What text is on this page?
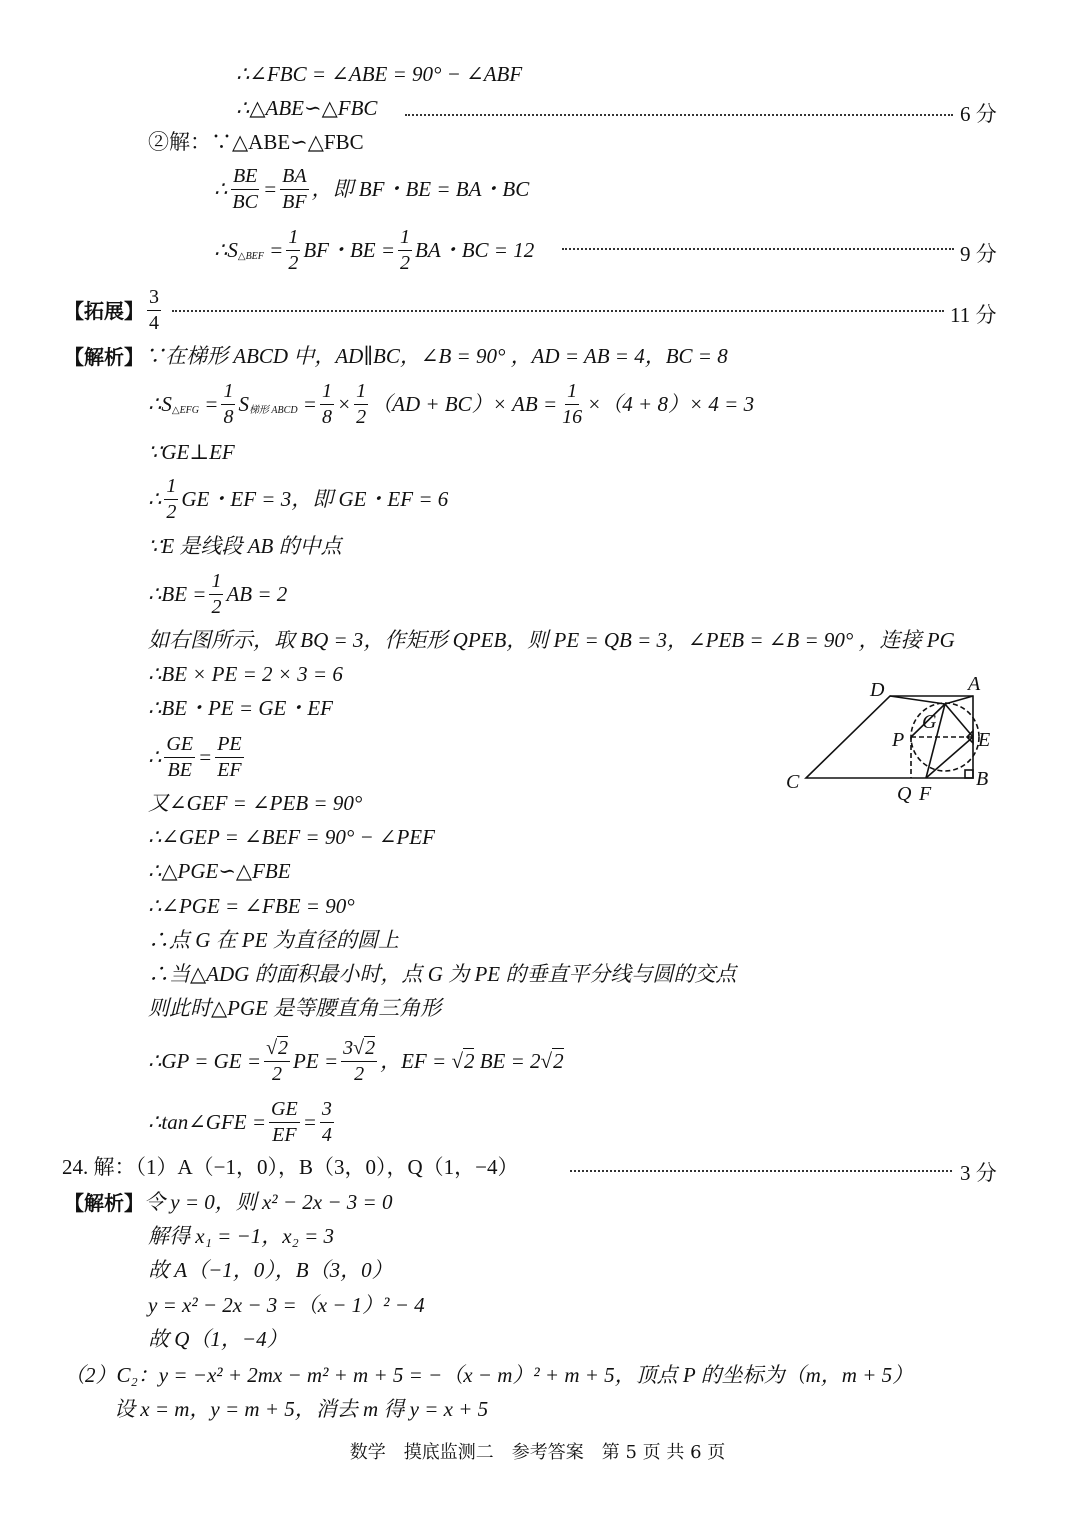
∴∠FBC = ∠ABE = 90° − ∠ABF
∴△ABE∽△FBC	6 分
②解：∵△ABE∽△FBC
∴ $\frac{BE}{BC} = \frac{BA}{BF}$ ，即 BF・BE = BA・BC
∴ S △BEF = $\frac{1}{2}$ BF・BE = $\frac{1}{2}$ BA・BC = 12	9 分
【拓展】 $\frac{3}{4}$	11 分
【解析】 ∵在梯形 ABCD 中，AD∥BC，∠B = 90° ，AD = AB = 4，BC = 8
∴ S △EFG = $\frac{1}{8}$ S 梯形 ABCD = $\frac{1}{8} \times \frac{1}{2} (AD + BC)\times$ AB = $\frac{1}{16} \times(4 + 8)\times 4 = 3$
∵GE⊥EF
∴ $\frac{1}{2}$ GE・EF = 3，即 GE・EF = 6
∵E 是线段 AB 的中点
∴ BE = $\frac{1}{2}$ AB = 2
如右图所示，取 BQ = 3，作矩形 QPEB，则 PE = QB = 3，∠PEB = ∠B = 90° ，连接 PG
∴BE × PE = 2 × 3 = 6
∴BE・PE = GE・EF
∴ $\frac{GE}{BE} = \frac{PE}{EF}$
又∠GEF = ∠PEB = 90°
∴∠GEP = ∠BEF = 90° − ∠PEF
∴△PGE∽△FBE
∴∠PGE = ∠FBE = 90°
∴点 G 在 PE 为直径的圆上
∴当△ADG 的面积最小时，点 G 为 PE 的垂直平分线与圆的交点
则此时△PGE 是等腰直角三角形
∴GP = GE = $\frac{√2}{2}$ PE = $\frac{3√2}{2}$ ，EF = √2 BE = 2 √2
∴tan∠GFE = $\frac{GE}{EF} = \frac{3}{4}$
24. 解：（1）A（−1，0），B（3，0），Q（1，−4）	3 分
【解析】 令 y = 0，则 x² − 2x − 3 = 0
解得 x₁ = −1，x₂ = 3
故 A（−1，0），B（3，0）
y = x² − 2x − 3 =（x − 1）² − 4
故 Q（1，−4）
（2）C₂：y = −x² + 2mx − m² + m + 5 = −（x − m）² + m + 5，顶点 P 的坐标为（m，m + 5）
设 x = m，y = m + 5，消去 m 得 y = x + 5
D	A
G
P	E
C	B
Q F
数学　摸底监测二　参考答案　第 5 页 共 6 页
